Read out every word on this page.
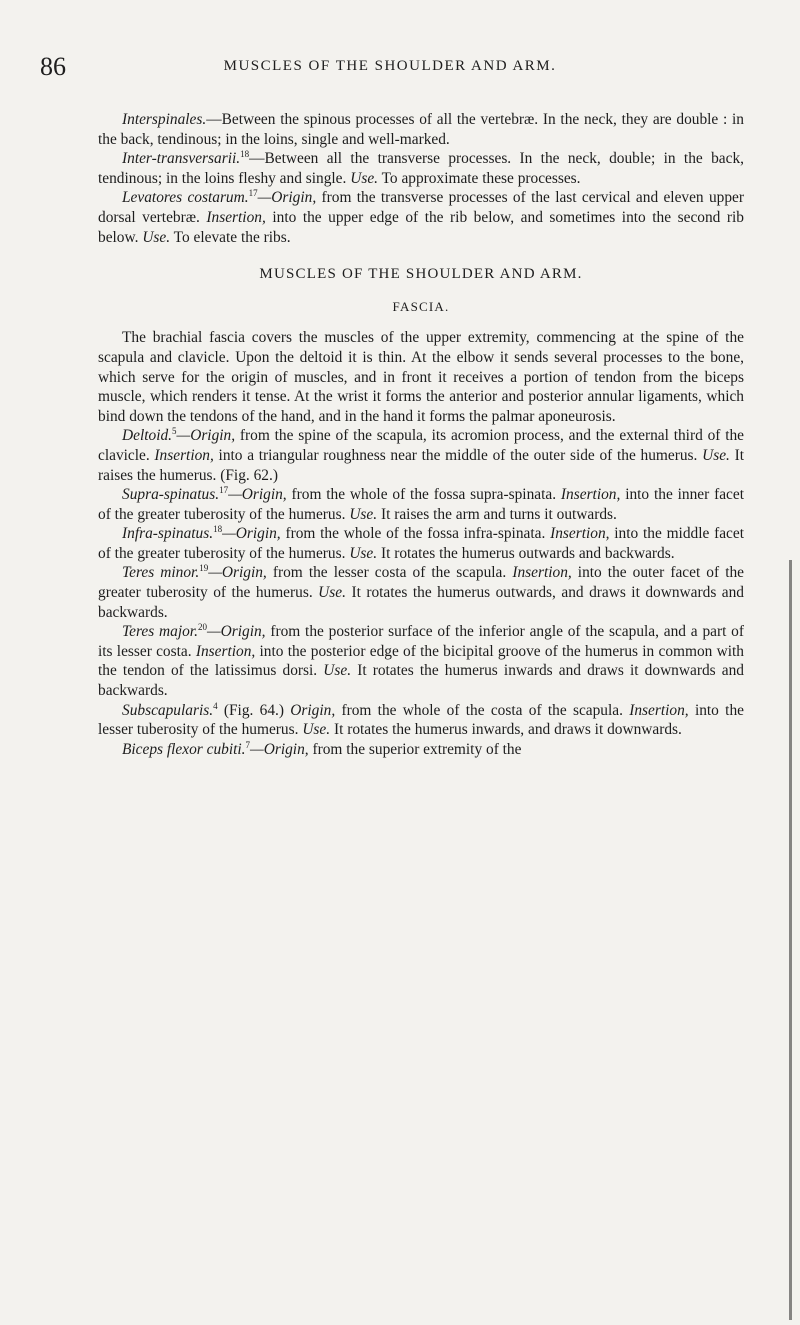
86	MUSCLES OF THE SHOULDER AND ARM.

Interspinales.—Between the spinous processes of all the vertebræ. In the neck, they are double : in the back, tendinous; in the loins, single and well-marked.

Inter-transversarii.$^{18}$—Between all the transverse processes. In the neck, double; in the back, tendinous; in the loins fleshy and single. Use. To approximate these processes.

Levatores costarum.$^{17}$—Origin, from the transverse processes of the last cervical and eleven upper dorsal vertebræ. Insertion, into the upper edge of the rib below, and sometimes into the second rib below. Use. To elevate the ribs.

MUSCLES OF THE SHOULDER AND ARM.
FASCIA.

The brachial fascia covers the muscles of the upper extremity, commencing at the spine of the scapula and clavicle. Upon the deltoid it is thin. At the elbow it sends several processes to the bone, which serve for the origin of muscles, and in front it receives a portion of tendon from the biceps muscle, which renders it tense. At the wrist it forms the anterior and posterior annular ligaments, which bind down the tendons of the hand, and in the hand it forms the palmar aponeurosis.

Deltoid.$^5$—Origin, from the spine of the scapula, its acromion process, and the external third of the clavicle. Insertion, into a triangular roughness near the middle of the outer side of the humerus. Use. It raises the humerus. (Fig. 62.)

Supra-spinatus.$^{17}$—Origin, from the whole of the fossa supra-spinata. Insertion, into the inner facet of the greater tuberosity of the humerus. Use. It raises the arm and turns it outwards.

Infra-spinatus.$^{18}$—Origin, from the whole of the fossa infra-spinata. Insertion, into the middle facet of the greater tuberosity of the humerus. Use. It rotates the humerus outwards and backwards.

Teres minor.$^{19}$—Origin, from the lesser costa of the scapula. Insertion, into the outer facet of the greater tuberosity of the humerus. Use. It rotates the humerus outwards, and draws it downwards and backwards.

Teres major.$^{20}$—Origin, from the posterior surface of the inferior angle of the scapula, and a part of its lesser costa. Insertion, into the posterior edge of the bicipital groove of the humerus in common with the tendon of the latissimus dorsi. Use. It rotates the humerus inwards and draws it downwards and backwards.

Subscapularis.$^4$ (Fig. 64.) Origin, from the whole of the costa of the scapula. Insertion, into the lesser tuberosity of the humerus. Use. It rotates the humerus inwards, and draws it downwards.

Biceps flexor cubiti.$^7$—Origin, from the superior extremity of the
